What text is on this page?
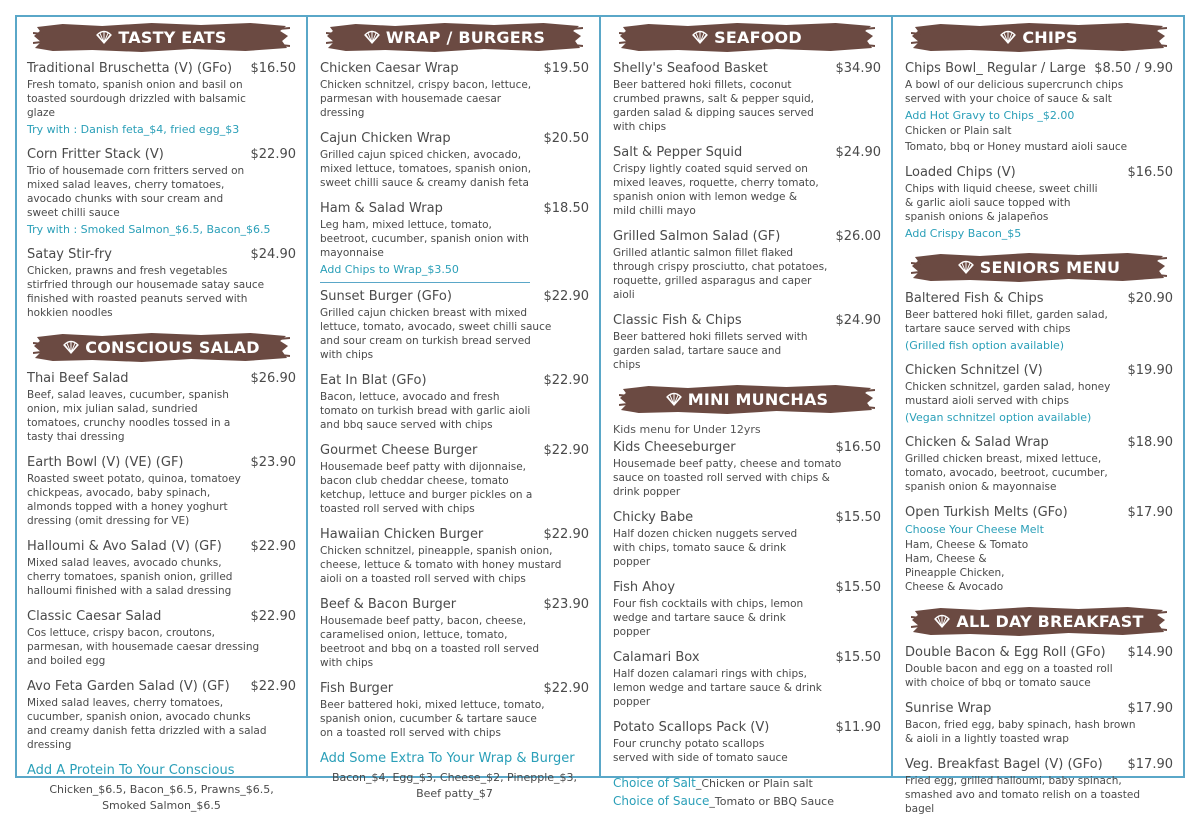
TASTY EATS
Traditional Bruschetta (V) (GFo) $16.50
Fresh tomato, spanish onion and basil on toasted sourdough drizzled with balsamic glaze
Try with : Danish feta_$4, fried egg_$3
Corn Fritter Stack (V)	$22.90
Trio of housemade corn fritters served on mixed salad leaves, cherry tomatoes, avocado chunks with sour cream and sweet chilli sauce
Try with : Smoked Salmon_$6.5, Bacon_$6.5
Satay Stir-fry	$24.90
Chicken, prawns and fresh vegetables stirfried through our housemade satay sauce finished with roasted peanuts served with hokkien noodles
CONSCIOUS SALAD
Thai Beef Salad	$26.90
Beef, salad leaves, cucumber, spanish onion, mix julian salad, sundried tomatoes, crunchy noodles tossed in a tasty thai dressing
Earth Bowl (V) (VE) (GF)	$23.90
Roasted sweet potato, quinoa, tomatoey chickpeas, avocado, baby spinach, almonds topped with a honey yoghurt dressing (omit dressing for VE)
Halloumi & Avo Salad (V) (GF) $22.90
Mixed salad leaves, avocado chunks, cherry tomatoes, spanish onion, grilled halloumi finished with a salad dressing
Classic Caesar Salad	$22.90
Cos lettuce, crispy bacon, croutons, parmesan, with housemade caesar dressing and boiled egg
Avo Feta Garden Salad (V) (GF) $22.90
Mixed salad leaves, cherry tomatoes, cucumber, spanish onion, avocado chunks and creamy danish fetta drizzled with a salad dressing
Add A Protein To Your Conscious
Chicken_$6.5, Bacon_$6.5, Prawns_$6.5,
Smoked Salmon_$6.5
WRAP / BURGERS
Chicken Caesar Wrap	$19.50
Chicken schnitzel, crispy bacon, lettuce, parmesan with housemade caesar dressing
Cajun Chicken Wrap	$20.50
Grilled cajun spiced chicken, avocado, mixed lettuce, tomatoes, spanish onion, sweet chilli sauce & creamy danish feta
Ham & Salad Wrap	$18.50
Leg ham, mixed lettuce, tomato, beetroot, cucumber, spanish onion with mayonnaise
Add Chips to Wrap_$3.50
Sunset Burger (GFo)	$22.90
Grilled cajun chicken breast with mixed lettuce, tomato, avocado, sweet chilli sauce and sour cream on turkish bread served with chips
Eat In Blat (GFo)	$22.90
Bacon, lettuce, avocado and fresh tomato on turkish bread with garlic aioli and bbq sauce served with chips
Gourmet Cheese Burger	$22.90
Housemade beef patty with dijonnaise, bacon club cheddar cheese, tomato ketchup, lettuce and burger pickles on a toasted roll served with chips
Hawaiian Chicken Burger	$22.90
Chicken schnitzel, pineapple, spanish onion, cheese, lettuce & tomato with honey mustard aioli on a toasted roll served with chips
Beef & Bacon Burger	$23.90
Housemade beef patty, bacon, cheese, caramelised onion, lettuce, tomato, beetroot and bbq on a toasted roll served with chips
Fish Burger	$22.90
Beer battered hoki, mixed lettuce, tomato, spanish onion, cucumber & tartare sauce on a toasted roll served with chips
Add Some Extra To Your Wrap & Burger
Bacon_$4, Egg_$3, Cheese_$2, Pinepple_$3,
Beef patty_$7
SEAFOOD
Shelly's Seafood Basket	$34.90
Beer battered hoki fillets, coconut crumbed prawns, salt & pepper squid, garden salad & dipping sauces served with chips
Salt & Pepper Squid	$24.90
Crispy lightly coated squid served on mixed leaves, roquette, cherry tomato, spanish onion with lemon wedge & mild chilli mayo
Grilled Salmon Salad (GF)	$26.00
Grilled atlantic salmon fillet flaked through crispy prosciutto, chat potatoes, roquette, grilled asparagus and caper aioli
Classic Fish & Chips	$24.90
Beer battered hoki fillets served with garden salad, tartare sauce and chips
MINI MUNCHAS
Kids menu for Under 12yrs
Kids Cheeseburger	$16.50
Housemade beef patty, cheese and tomato sauce on toasted roll served with chips & drink popper
Chicky Babe	$15.50
Half dozen chicken nuggets served with chips, tomato sauce & drink popper
Fish Ahoy	$15.50
Four fish cocktails with chips, lemon wedge and tartare sauce & drink popper
Calamari Box	$15.50
Half dozen calamari rings with chips, lemon wedge and tartare sauce & drink popper
Potato Scallops Pack (V)	$11.90
Four crunchy potato scallops served with side of tomato sauce
Choice of Salt_Chicken or Plain salt
Choice of Sauce_Tomato or BBQ Sauce
CHIPS
Chips Bowl_ Regular / Large $8.50 / 9.90
A bowl of our delicious supercrunch chips served with your choice of sauce & salt
Add Hot Gravy to Chips _$2.00
Chicken or Plain salt
Tomato, bbq or Honey mustard aioli sauce
Loaded Chips (V)	$16.50
Chips with liquid cheese, sweet chilli & garlic aioli sauce topped with spanish onions & jalapeños
Add Crispy Bacon_$5
SENIORS MENU
Baltered Fish & Chips	$20.90
Beer battered hoki fillet, garden salad, tartare sauce served with chips
(Grilled fish option available)
Chicken Schnitzel (V)	$19.90
Chicken schnitzel, garden salad, honey mustard aioli served with chips
(Vegan schnitzel option available)
Chicken & Salad Wrap	$18.90
Grilled chicken breast, mixed lettuce, tomato, avocado, beetroot, cucumber, spanish onion & mayonnaise
Open Turkish Melts (GFo)	$17.90
Choose Your Cheese Melt
Ham, Cheese & Tomato Ham, Cheese & Pineapple Chicken, Cheese & Avocado
ALL DAY BREAKFAST
Double Bacon & Egg Roll (GFo) $14.90
Double bacon and egg on a toasted roll with choice of bbq or tomato sauce
Sunrise Wrap	$17.90
Bacon, fried egg, baby spinach, hash brown & aioli in a lightly toasted wrap
Veg. Breakfast Bagel (V) (GFo) $17.90
Fried egg, grilled halloumi, baby spinach, smashed avo and tomato relish on a toasted bagel
